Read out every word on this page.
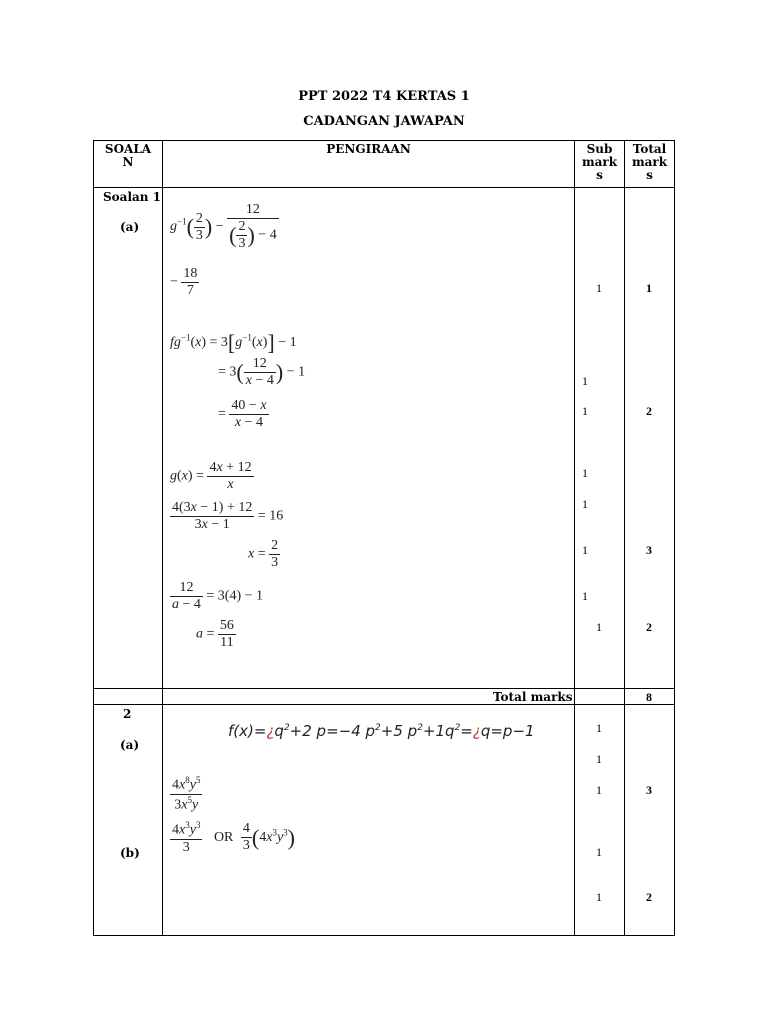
PPT 2022 T4 KERTAS 1
CADANGAN JAWAPAN
SOALA
N
PENGIRAAN	Sub
mark
s
Total
mark
s
Soalan 1
(a) $g^{-1}( \frac{2}{3}$ ) − $\frac{12}{( \frac{2}{3} ) - 4}$
− $\frac{18}{7}$
$fg^{-1}(x) = 3[g^{-1}(x)] - 1$
= $3( \frac{12}{x - 4}$ ) − 1
= $\frac{40 - x}{x - 4}$
$g(x) = \frac{4x + 12}{x}$
$\frac{4(3x - 1) + 12}{3x - 1} = 16$
$x = \frac{2}{3}$
$\frac{12}{a - 4} = 3(4) - 1$
$a = \frac{56}{11}$
1
1
1
1
1
1
1
1
1
2
3
2
Total marks	8
2
(a)
(b)
$f(x)=¿q^2+2$ p=−4 $p^2+5$ $p^2+1q^2=¿q=p-1$
$\frac{4x^8y^5}{3x^5y}$
$\frac{4x^3y^3}{3}$ OR $\frac{4}{3} (4x^3y^3)$
1
1
1
1
1
3
2
